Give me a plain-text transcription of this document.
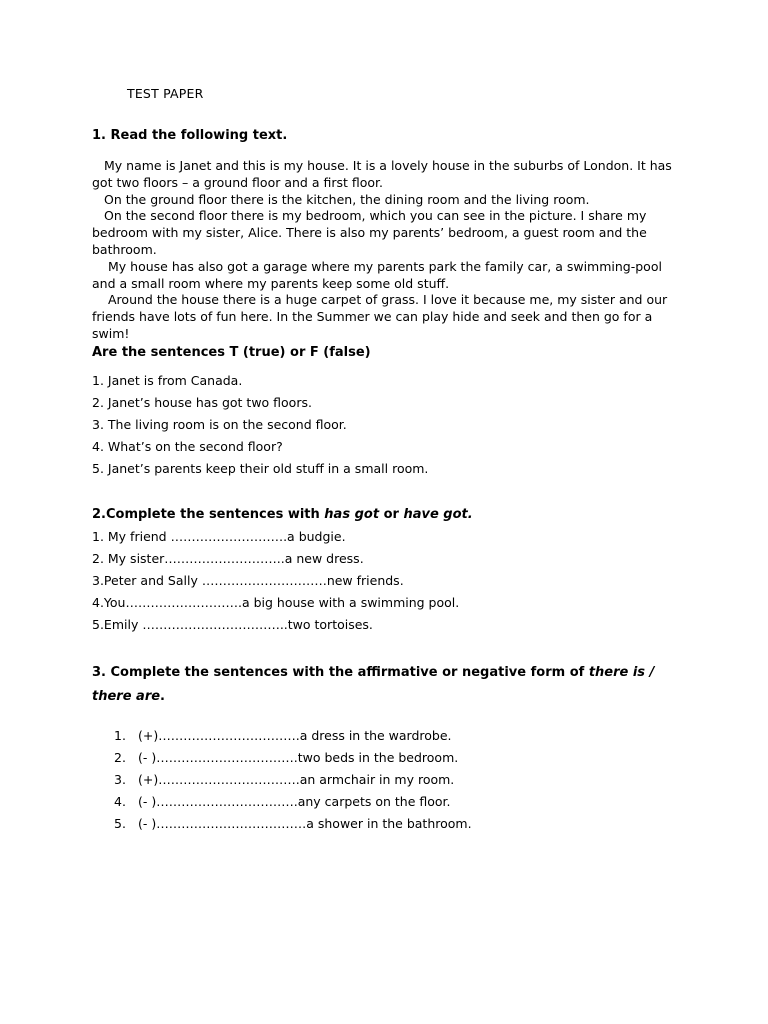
TEST PAPER
1. Read the following text.

My name is Janet and this is my house. It is a lovely house in the suburbs of London. It has got two floors – a ground floor and a first floor.

On the ground floor there is the kitchen, the dining room and the living room.

On the second floor there is my bedroom, which you can see in the picture. I share my bedroom with my sister, Alice. There is also my parents’ bedroom, a guest room and the bathroom.

My house has also got a garage where my parents park the family car, a swimming-pool and a small room where my parents keep some old stuff.

Around the house there is a huge carpet of grass. I love it because me, my sister and our friends have lots of fun here. In the Summer we can play hide and seek and then go for a swim!

Are the sentences T (true) or F (false)
1. Janet is from Canada.
2. Janet’s house has got two floors.
3. The living room is on the second floor.
4. What’s on the second floor?
5. Janet’s parents keep their old stuff in a small room.
2.Complete the sentences with has got or have got.
1. My friend ……………………….a budgie.
2. My sister………………………..a new dress.
3.Peter and Sally …………………………new friends.
4.You……………………….a big house with a swimming pool.
5.Emily ……………………………..two tortoises.
3. Complete the sentences with the affirmative or negative form of there is / there are.
1. (+)…………………………….a dress in the wardrobe.
2. (- )…………………………….two beds in the bedroom.
3. (+)…………………………….an armchair in my room.
4. (- )…………………………….any carpets on the floor.
5. (- )………………………………a shower in the bathroom.
